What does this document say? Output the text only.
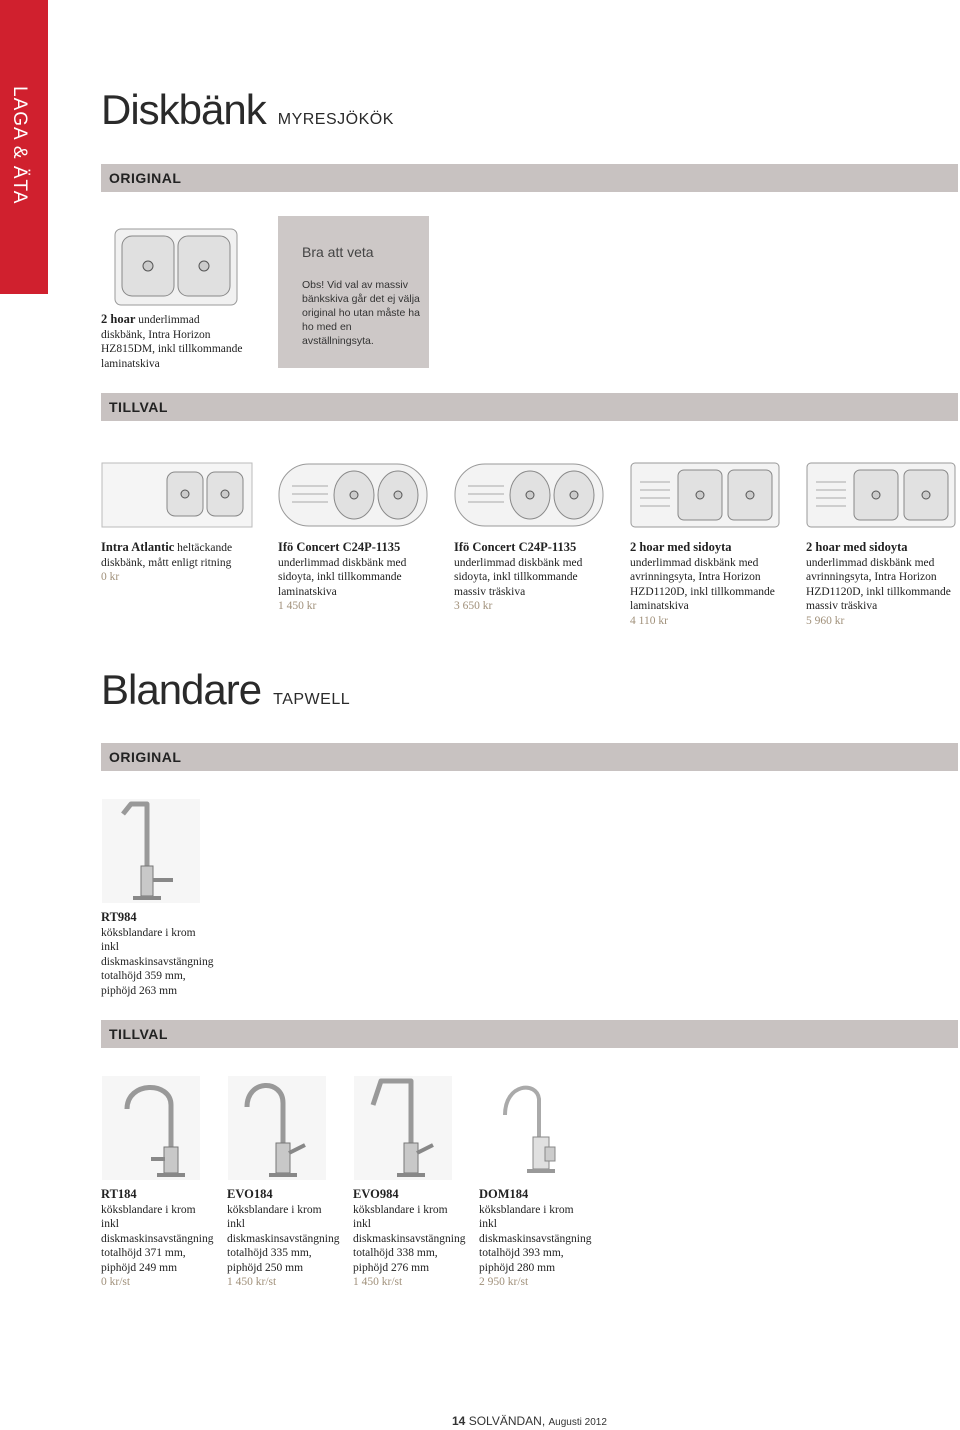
LAGA & ÄTA Diskbänk MYRESJÖKÖK
ORIGINAL
2 hoar underlimmad
diskbänk, Intra Horizon
HZ815DM, inkl tillkommande
laminatskiva
Bra att veta
Obs! Vid val av massiv bänkskiva går det ej välja original ho utan måste ha ho med en avställningsyta.
TILLVAL
Intra Atlantic heltäckande
diskbänk, mått enligt ritning
0 kr
Ifö Concert C24P-1135
underlimmad diskbänk med
sidoyta, inkl tillkommande
laminatskiva
1 450 kr
Ifö Concert C24P-1135
underlimmad diskbänk med
sidoyta, inkl tillkommande
massiv träskiva
3 650 kr
2 hoar med sidoyta
underlimmad diskbänk med
avrinningsyta, Intra Horizon
HZD1120D, inkl tillkommande
laminatskiva
4 110 kr
2 hoar med sidoyta
underlimmad diskbänk med
avrinningsyta, Intra Horizon
HZD1120D, inkl tillkommande
massiv träskiva
5 960 kr
Blandare TAPWELL
ORIGINAL
RT984
köksblandare i krom
inkl
diskmaskinsavstängning
totalhöjd 359 mm,
piphöjd 263 mm
TILLVAL
RT184
köksblandare i krom
inkl
diskmaskinsavstängning
totalhöjd 371 mm,
piphöjd 249 mm
0 kr/st
EVO184
köksblandare i krom
inkl
diskmaskinsavstängning
totalhöjd 335 mm,
piphöjd 250 mm
1 450 kr/st
EVO984
köksblandare i krom
inkl
diskmaskinsavstängning
totalhöjd 338 mm,
piphöjd 276 mm
1 450 kr/st
DOM184
köksblandare i krom
inkl
diskmaskinsavstängning
totalhöjd 393 mm,
piphöjd 280 mm
2 950 kr/st
14 SOLVÄNDAN, Augusti 2012
